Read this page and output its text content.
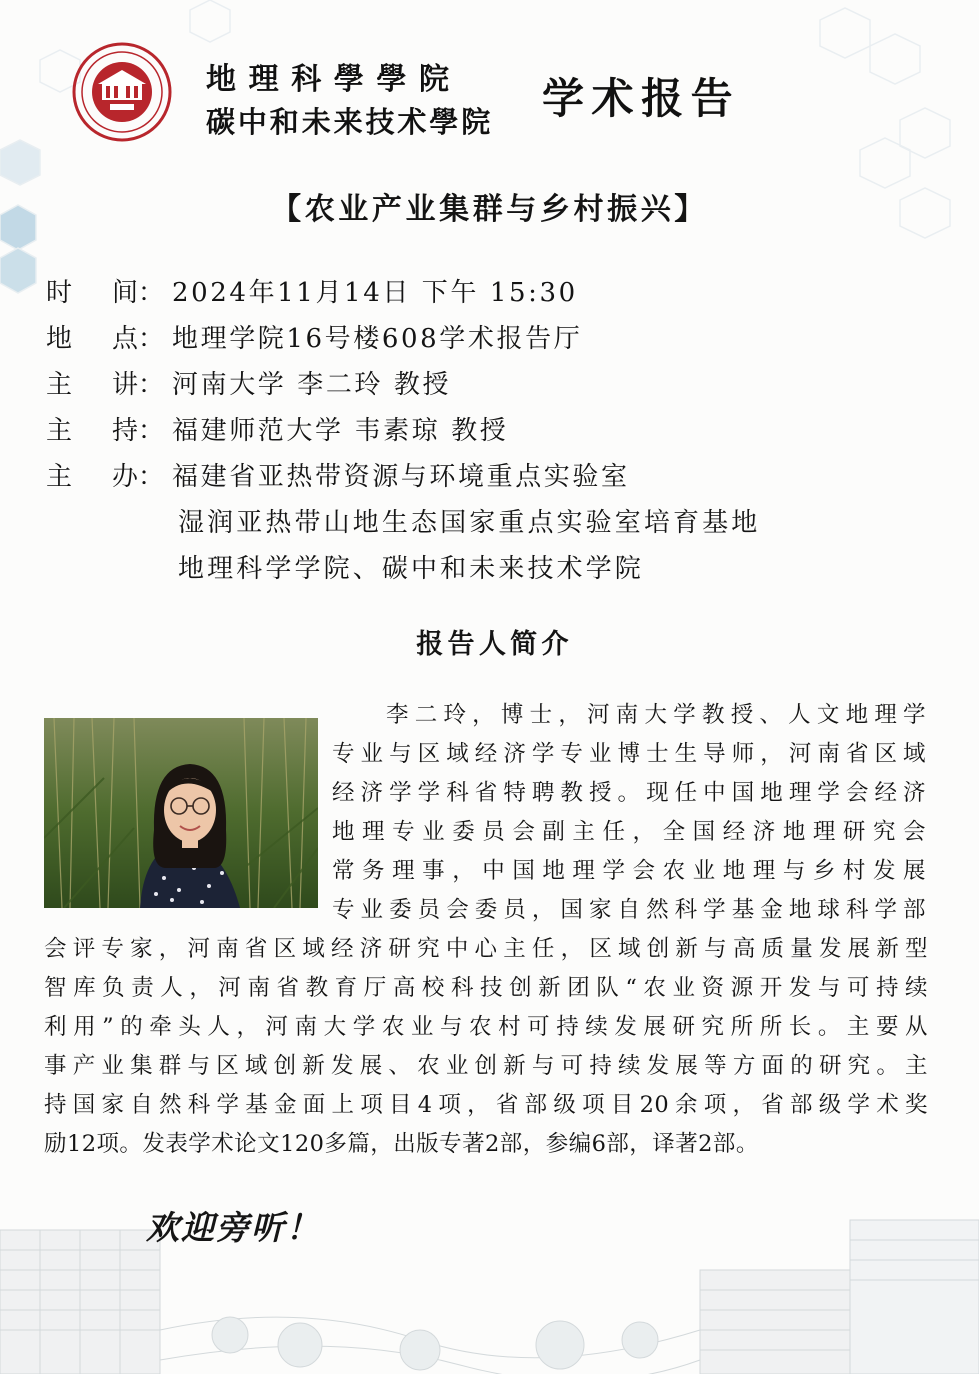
地理科學學院
碳中和未来技术學院 学术报告
【农业产业集群与乡村振兴】
时 间： 2024年11月14日 下午 15:30
地 点： 地理学院16号楼608学术报告厅
主 讲： 河南大学 李二玲 教授
主 持： 福建师范大学 韦素琼 教授
主 办： 福建省亚热带资源与环境重点实验室
湿润亚热带山地生态国家重点实验室培育基地
地理科学学院、碳中和未来技术学院
报告人简介
李二玲，博士，河南大学教授、人文地理学
专业与区域经济学专业博士生导师，河南省区域
经济学学科省特聘教授。现任中国地理学会经济
地理专业委员会副主任，全国经济地理研究会
常务理事，中国地理学会农业地理与乡村发展
专业委员会委员，国家自然科学基金地球科学部
会评专家，河南省区域经济研究中心主任，区域创新与高质量发展新型
智库负责人，河南省教育厅高校科技创新团队“农业资源开发与可持续
利用”的牵头人，河南大学农业与农村可持续发展研究所所长。主要从
事产业集群与区域创新发展、农业创新与可持续发展等方面的研究。主
持国家自然科学基金面上项目4项，省部级项目20余项，省部级学术奖
励12项。发表学术论文120多篇，出版专著2部，参编6部，译著2部。
欢迎旁听！
